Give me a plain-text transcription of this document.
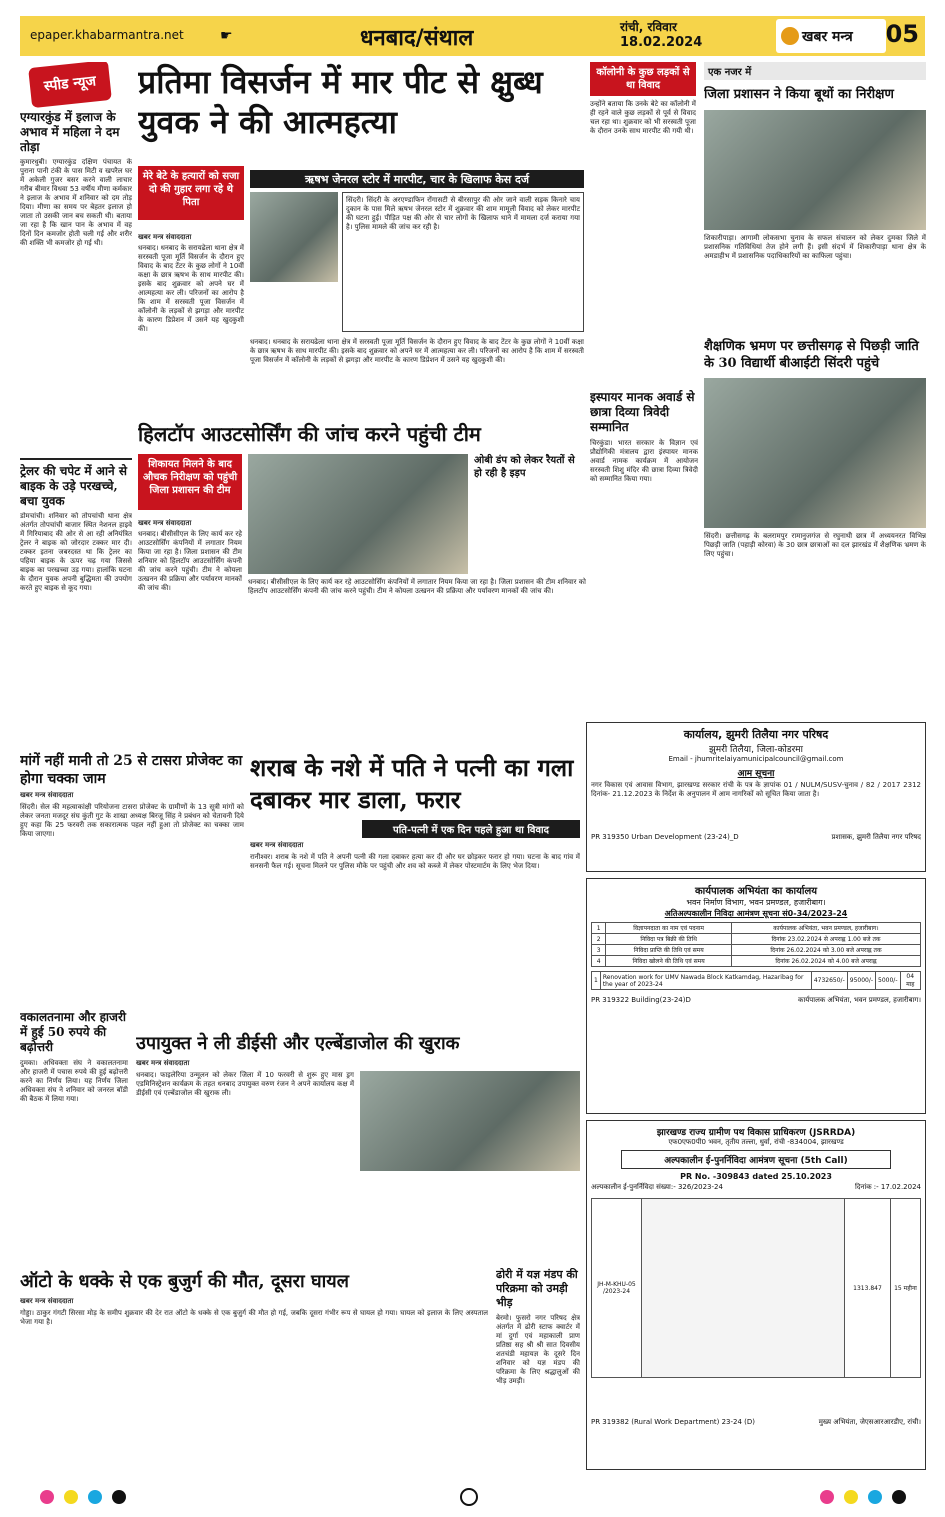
epaper.khabarmantra.net	☛	धनबाद/संथाल	रांची, रविवार
18.02.2024	खबर मन्त्र	05
स्पीड न्यूज
एग्यारकुंड में इलाज के अभाव में महिला ने दम तोड़ा
कुमारधुबी। एग्यारकुंड दक्षिण पंचायत के पुराना पानी टंकी के पास मिटी व खपरैल घर में अकेली गुजर बसर करने वाली लाचार गरीब बीमार विधवा 53 वर्षीय मीणा कर्मकार ने इलाज के अभाव में शनिवार को दम तोड़ दिया। मीणा का समय पर बेहतर इलाज हो जाता तो उसकी जान बच सकती थी। बताया जा रहा है कि खान पान के अभाव में वह दिनों दिन कमजोर होती चली गई और शरीर की शक्ति भी कमजोर हो गई थी।
ट्रेलर की चपेट में आने से बाइक के उड़े परखच्चे, बचा युवक
डोमचांची। शनिवार को तोपचांची थाना क्षेत्र अंतर्गत तोपचांची बाजार स्थित नेशनल हाइवे में गिरियाबाद की ओर से आ रही अनियंत्रित ट्रेलर ने बाइक को जोरदार टक्कर मार दी। टक्कर इतना जबरदस्त था कि ट्रेलर का पहिया बाइक के ऊपर चढ़ गया जिससे बाइक का परखच्चा उड़ गया। हालांकि घटना के दौरान युवक अपनी बुद्धिमता की उपयोग करते हुए बाइक से कूद गया।
प्रतिमा विसर्जन में मार पीट से क्षुब्ध युवक ने की आत्महत्या
मेरे बेटे के हत्यारों को सजा दो की गुहार लगा रहे थे पिता
ऋषभ जेनरल स्टोर में मारपीट, चार के खिलाफ केस दर्ज
सिंदरी। सिंदरी के अरएण्डाफिन रोंगासटी से बीरसापुर की ओर जाने वाली सड़क किनारे चाय दुकान के पास मिले ऋषभ जेनरल स्टोर में शुक्रवार की शाम मामूली विवाद को लेकर मारपीट की घटना हुई। पीड़ित पक्ष की ओर से चार लोगों के खिलाफ थाने में मामला दर्ज कराया गया है। पुलिस मामले की जांच कर रही है।
खबर मन्त्र संवाददाता
धनबाद। धनबाद के सरायढेला थाना क्षेत्र में सरस्वती पूजा मूर्ति विसर्जन के दौरान हुए विवाद के बाद टेंटर के कुछ लोगों ने 10वीं कक्षा के छात्र ऋषभ के साथ मारपीट की। इसके बाद शुक्रवार को अपने घर में आत्महत्या कर ली। परिजनों का आरोप है कि शाम में सरस्वती पूजा विसर्जन में कॉलोनी के लड़कों से झगड़ा और मारपीट के कारण डिप्रेशन में उसने यह खुदकुशी की।
धनबाद। धनबाद के सरायढेला थाना क्षेत्र में सरस्वती पूजा मूर्ति विसर्जन के दौरान हुए विवाद के बाद टेंटर के कुछ लोगों ने 10वीं कक्षा के छात्र ऋषभ के साथ मारपीट की। इसके बाद शुक्रवार को अपने घर में आत्महत्या कर ली। परिजनों का आरोप है कि शाम में सरस्वती पूजा विसर्जन में कॉलोनी के लड़कों से झगड़ा और मारपीट के कारण डिप्रेशन में उसने यह खुदकुशी की।
कॉलोनी के कुछ लड़कों से था विवाद
उन्होंने बताया कि उनके बेटे का कॉलोनी में ही रहने वाले कुछ लड़कों से पूर्व से विवाद चल रहा था। शुक्रवार को भी सरस्वती पूजा के दौरान उनके साथ मारपीट की गयी थी।
एक नजर में
जिला प्रशासन ने किया बूथों का निरीक्षण
शिकारीपाड़ा। आगामी लोकसभा चुनाव के सफल संचालन को लेकर दुमका जिले में प्रशासनिक गतिविधियां तेज होने लगी हैं। इसी संदर्भ में शिकारीपाड़ा थाना क्षेत्र के अमडाहीभ में प्रशासनिक पदाधिकारियों का काफिला पहुंचा।
शैक्षणिक भ्रमण पर छत्तीसगढ़ से पिछड़ी जाति के 30 विद्यार्थी बीआईटी सिंदरी पहुंचे
सिंदरी। छत्तीसगढ़ के बलरामपुर रामानुजगंज से रघुनाथी छात्र में अध्ययनरत विभिन्न पिछड़ी जाति (पहाड़ी कोरवा) के 30 छात्र छात्राओं का दल झारखंड में शैक्षणिक भ्रमण के लिए पहुंचा।
इस्पायर मानक अवार्ड से छात्रा दिव्या त्रिवेदी सम्मानित
चिरकुंडा। भारत सरकार के विज्ञान एवं प्रौद्योगिकी मंत्रालय द्वारा इंस्पायर मानक अवार्ड नामक कार्यक्रम में आयोजन सरस्वती शिशु मंदिर की छात्रा दिव्या त्रिवेदी को सम्मानित किया गया।
हिलटॉप आउटसोर्सिंग की जांच करने पहुंची टीम
शिकायत मिलने के बाद औचक निरीक्षण को पहुंची जिला प्रशासन की टीम
ओबी डंप को लेकर रैयतों से हो रही है इड़प
खबर मन्त्र संवाददाता
धनबाद। बीसीसीएल के लिए कार्य कर रहे आउटसोर्सिंग कंपनियों में लगातार नियम किया जा रहा है। जिला प्रशासन की टीम शनिवार को हिलटॉप आउटसोर्सिंग कंपनी की जांच करने पहुंची। टीम ने कोयला उत्खनन की प्रक्रिया और पर्यावरण मानकों की जांच की।
धनबाद। बीसीसीएल के लिए कार्य कर रहे आउटसोर्सिंग कंपनियों में लगातार नियम किया जा रहा है। जिला प्रशासन की टीम शनिवार को हिलटॉप आउटसोर्सिंग कंपनी की जांच करने पहुंची। टीम ने कोयला उत्खनन की प्रक्रिया और पर्यावरण मानकों की जांच की।
मांगें नहीं मानी तो 25 से टासरा प्रोजेक्ट का होगा चक्का जाम
खबर मन्त्र संवाददाता
सिंदरी। सेल की महत्वाकांक्षी परियोजना टासरा प्रोजेक्ट के ग्रामीणों के 13 सूत्री मांगों को लेकर जनता मजदूर संघ कुंती गुट के शाखा अध्यक्ष बिरजू सिंह ने प्रबंधन को चेतावनी दिये हुए कहा कि 25 फरवरी तक सकारात्मक पहल नहीं हुआ तो प्रोजेक्ट का चक्का जाम किया जाएगा।
शराब के नशे में पति ने पत्नी का गला दबाकर मार डाला, फरार
पति-पत्नी में एक दिन पहले हुआ था विवाद
खबर मन्त्र संवाददाता
रानीश्वर। शराब के नशे में पति ने अपनी पत्नी की गला दबाकर हत्या कर दी और घर छोड़कर फरार हो गया। घटना के बाद गांव में सनसनी फैल गई। सूचना मिलने पर पुलिस मौके पर पहुंची और शव को कब्जे में लेकर पोस्टमार्टम के लिए भेज दिया।
वकालतनामा और हाजरी में हुई 50 रुपये की बढ़ोत्तरी
दुमका। अधिवक्ता संघ ने वकालतनामा और हाजरी में पचास रुपये की हुई बढ़ोत्तरी करने का निर्णय लिया। यह निर्णय जिला अधिवक्ता संघ ने शनिवार को जनरल बॉडी की बैठक में लिया गया।
उपायुक्त ने ली डीईसी और एल्बेंडाजोल की खुराक
खबर मन्त्र संवाददाता
धनबाद। फाइलेरिया उन्मूलन को लेकर जिला में 10 फरवरी से शुरू हुए मास ड्रग एडमिनिस्ट्रेशन कार्यक्रम के तहत धनबाद उपायुक्त वरुण रंजन ने अपने कार्यालय कक्ष में डीईसी एवं एल्बेंडाजोल की खुराक ली।
ऑटो के धक्के से एक बुजुर्ग की मौत, दूसरा घायल
खबर मन्त्र संवाददाता
गोड्डा। ठाकुर गंगटी सिरसा मोड़ के समीप शुक्रवार की देर रात ऑटो के धक्के से एक बुजुर्ग की मौत हो गई, जबकि दूसरा गंभीर रूप से घायल हो गया। घायल को इलाज के लिए अस्पताल भेजा गया है।
ढोरी में यज्ञ मंडप की परिक्रमा को उमड़ी भीड़
बेरमो। फुसरो नगर परिषद क्षेत्र अंतर्गत में ढोरी स्टाफ क्वार्टर में मां दुर्गा एवं महाकाली प्राण प्रतिष्ठा सह श्री श्री सात दिवसीय शतचंडी महायज्ञ के दूसरे दिन शनिवार को यज्ञ मंडप की परिक्रमा के लिए श्रद्धालुओं की भीड़ उमड़ी।
कार्यालय, झुमरी तिलैया नगर परिषद
झुमरी तिलैया, जिला-कोडरमा
Email - jhumritelaiyamunicipalcouncil@gmail.com
आम सूचना
नगर विकास एवं आवास विभाग, झारखण्ड सरकार रांची के पत्र के ज्ञापांक 01 / NULM/SUSV-चुनाव / 82 / 2017 2312 दिनांक- 21.12.2023 के निर्देश के अनुपालन में आम नागरिकों को सूचित किया जाता है।
PR 319350 Urban Development (23-24)_D	प्रशासक, झुमरी तिलैया नगर परिषद
कार्यपालक अभियंता का कार्यालय
भवन निर्माण विभाग, भवन प्रमण्डल, हजारीबाग।
अतिअल्पकालीन निविदा आमंत्रण सूचना सं0-34/2023-24
1	विज्ञापनदाता का नाम एवं पदनाम	कार्यपालक अभियंता, भवन प्रमण्डल, हजारीबाग।
2	निविदा पत्र बिक्री की तिथि	दिनांक 23.02.2024 से अपराह्न 1.00 बजे तक
3	निविदा प्राप्ति की तिथि एवं समय	दिनांक 26.02.2024 को 3.00 बजे अपराह्न तक
4	निविदा खोलने की तिथि एवं समय	दिनांक 26.02.2024 को 4.00 बजे अपराह्न
1	Renovation work for UMV Nawada Block Katkamdag, Hazaribag for the year of 2023-24	4732650/-	95000/-	5000/-	04 माह
PR 319322 Building(23-24)D	कार्यपालक अभियंता, भवन प्रमण्डल, हजारीबाग।
झारखण्ड राज्य ग्रामीण पथ विकास प्राधिकरण (JSRRDA)
एफ0एफ0पी0 भवन, तृतीय तल्ला, धुर्वा, रांची -834004, झारखण्ड
अल्पकालीन ई-पुनर्निविदा आमंत्रण सूचना (5th Call)
PR No. -309843 dated 25.10.2023
अल्पकालीन ई-पुनर्निविदा संख्या:- 326/2023-24	दिनांक :- 17.02.2024
JH-M-KHU-05 /2023-24		1313.847	15 महीना
PR 319382 (Rural Work Department) 23-24 (D)	मुख्य अभियंता, जेएसआरआरडीए, रांची।
